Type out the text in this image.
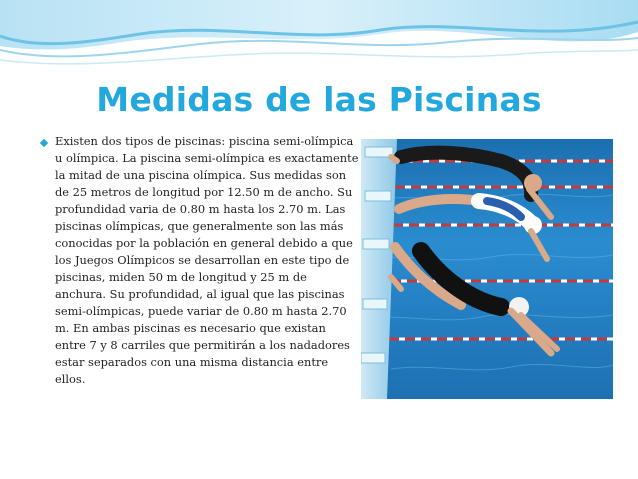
Medidas de las Piscinas
Existen dos tipos de piscinas: piscina semi-olímpica u olímpica. La piscina semi-olímpica es exactamente la mitad de una piscina olímpica. Sus medidas son de 25 metros de longitud por 12.50 m de ancho. Su profundidad varia de 0.80 m hasta los 2.70 m. Las piscinas olímpicas, que generalmente son las más conocidas por la población en general debido a que los Juegos Olímpicos se desarrollan en este tipo de piscinas, miden 50 m de longitud y 25 m de anchura. Su profundidad, al igual que las piscinas semi-olímpicas, puede variar de 0.80 m hasta 2.70 m. En ambas piscinas es necesario que existan entre 7 y 8 carriles que permitirán a los nadadores estar separados con una misma distancia entre ellos.
